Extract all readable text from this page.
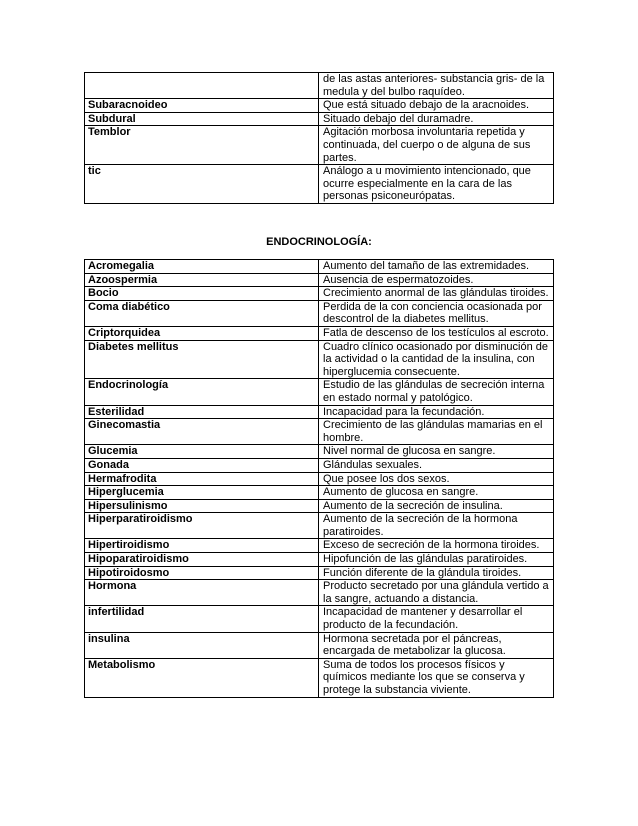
	de las astas anteriores- substancia gris- de la medula y del bulbo raquídeo.
Subaracnoideo	Que está situado debajo de la aracnoides.
Subdural	Situado debajo del duramadre.
Temblor	Agitación morbosa involuntaria repetida y continuada, del cuerpo o de alguna de sus partes.
tic	Análogo a u movimiento intencionado, que ocurre especialmente en la cara de las personas psiconeurópatas.
ENDOCRINOLOGÍA:
Acromegalia	Aumento del tamaño de las extremidades.
Azoospermia	Ausencia de espermatozoides.
Bocio	Crecimiento anormal de las glándulas tiroides.
Coma diabético	Perdida de la con conciencia ocasionada por descontrol de la diabetes mellitus.
Criptorquidea	Fatla de descenso de los testículos al escroto.
Diabetes mellitus	Cuadro clínico ocasionado por disminución de la actividad o la cantidad de la insulina, con hiperglucemia consecuente.
Endocrinología	Estudio de las glándulas de secreción interna en estado normal y patológico.
Esterilidad	Incapacidad para la fecundación.
Ginecomastia	Crecimiento de las glándulas mamarias en el hombre.
Glucemia	Nivel normal de glucosa en sangre.
Gonada	Glándulas sexuales.
Hermafrodita	Que posee los dos sexos.
Hiperglucemia	Aumento de glucosa en sangre.
Hipersulinismo	Aumento de la secreción de insulina.
Hiperparatiroidismo	Aumento de la secreción de la hormona paratiroides.
Hipertiroidismo	Exceso de secreción de la hormona tiroides.
Hipoparatiroidismo	Hipofunción de las glándulas paratiroides.
Hipotiroidosmo	Función diferente de la glándula tiroides.
Hormona	Producto secretado por una glándula vertido a la sangre, actuando a distancia.
infertilidad	Incapacidad de mantener y desarrollar el producto de la fecundación.
insulina	Hormona secretada por el páncreas, encargada de metabolizar la glucosa.
Metabolismo	Suma de todos los procesos físicos y químicos mediante los que se conserva y protege la substancia viviente.
